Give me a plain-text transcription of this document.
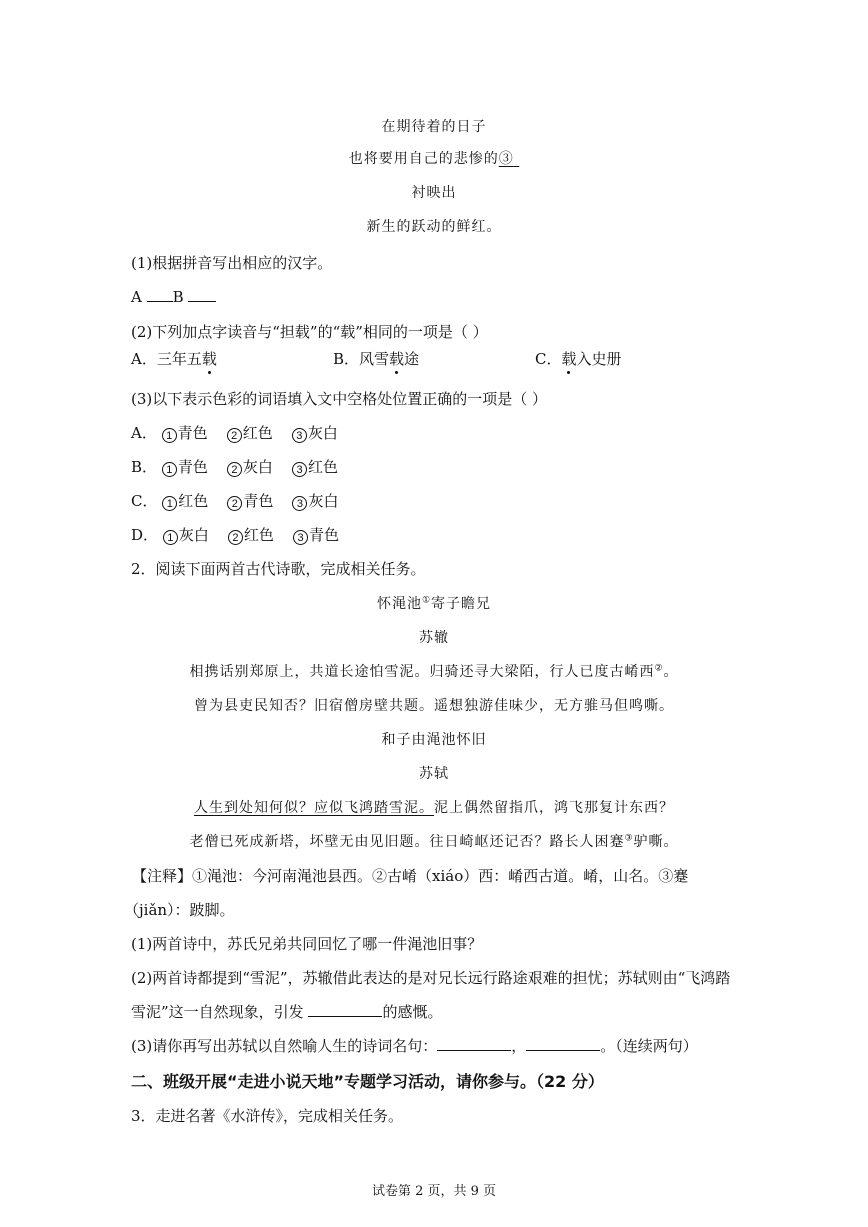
在期待着的日子
也将要用自己的悲惨的③
衬映出
新生的跃动的鲜红。
(1)根据拼音写出相应的汉字。
A B
(2)下列加点字读音与“担载”的“载”相同的一项是（ ）
A．三年五载	B．风雪载途	C．载入史册
(3)以下表示色彩的词语填入文中空格处位置正确的一项是（ ）
A． 1 青色 2 红色 3 灰白
B． 1 青色 2 灰白 3 红色
C． 1 红色 2 青色 3 灰白
D． 1 灰白 2 红色 3 青色
2．阅读下面两首古代诗歌，完成相关任务。
怀渑池①寄子瞻兄
苏辙
相携话别郑原上，共道长途怕雪泥。归骑还寻大梁陌，行人已度古崤西②。
曾为县吏民知否？旧宿僧房壁共题。遥想独游佳味少，无方骓马但鸣嘶。
和子由渑池怀旧
苏轼
人生到处知何似？应似飞鸿踏雪泥。泥上偶然留指爪，鸿飞那复计东西？
老僧已死成新塔，坏壁无由见旧题。往日崎岖还记否？路长人困蹇③驴嘶。
【注释】①渑池：今河南渑池县西。②古崤（xiáo）西：崤西古道。崤，山名。③蹇
（jiǎn）：跛脚。
(1)两首诗中，苏氏兄弟共同回忆了哪一件渑池旧事？
(2)两首诗都提到“雪泥”，苏辙借此表达的是对兄长远行路途艰难的担忧；苏轼则由“飞鸿踏
雪泥”这一自然现象，引发	的感慨。
(3)请你再写出苏轼以自然喻人生的诗词名句：	，	。（连续两句）
二、班级开展“走进小说天地”专题学习活动，请你参与。（22 分）
3．走进名著《水浒传》，完成相关任务。
试卷第 2 页，共 9 页
